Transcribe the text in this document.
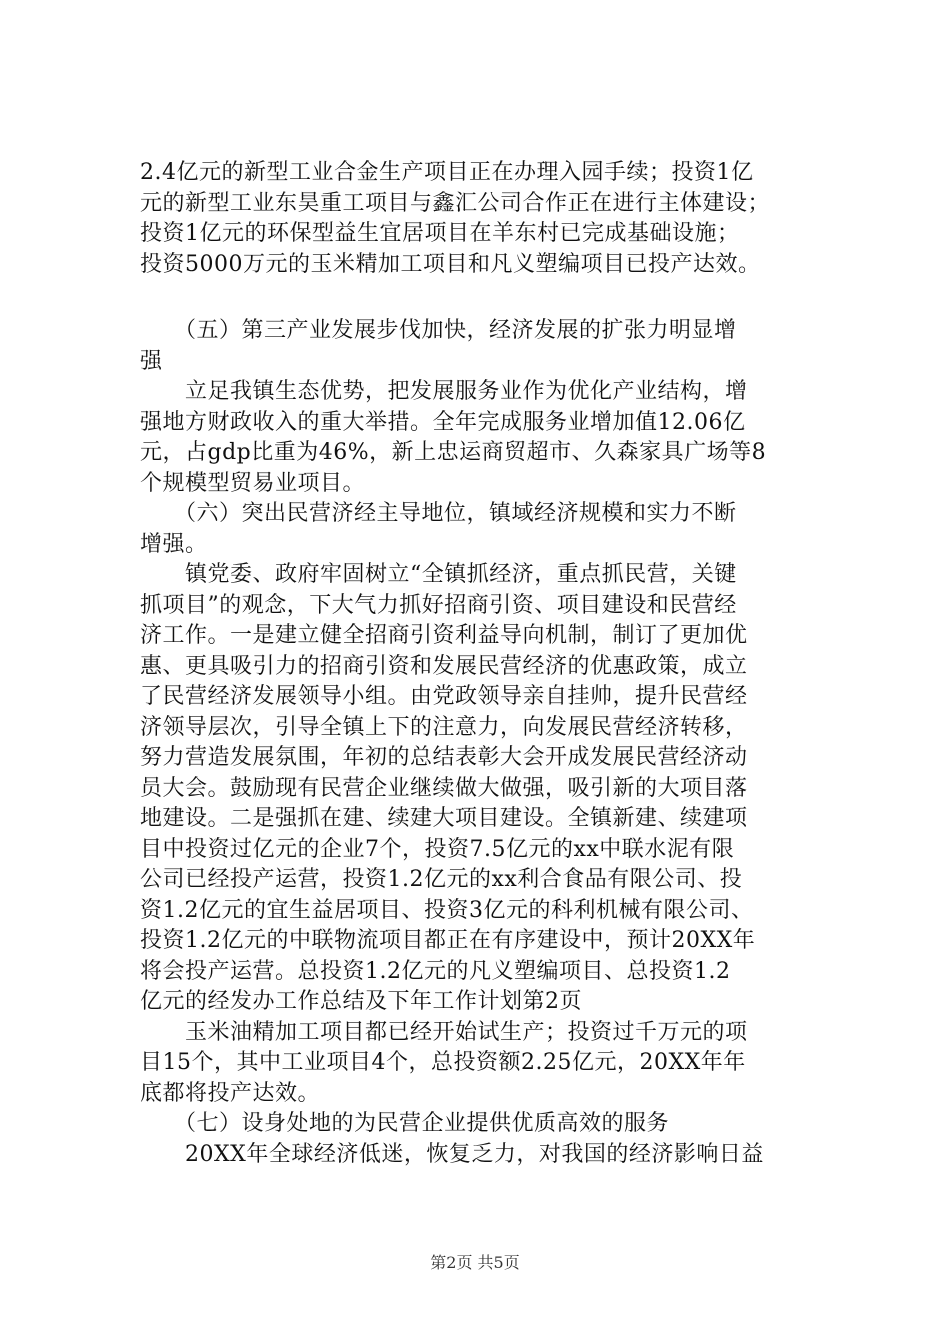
2.4亿元的新型工业合金生产项目正在办理入园手续；投资1亿
元的新型工业东昊重工项目与鑫汇公司合作正在进行主体建设；
投资1亿元的环保型益生宜居项目在羊东村已完成基础设施；
投资5000万元的玉米精加工项目和凡义塑编项目已投产达效。
　　（五）第三产业发展步伐加快，经济发展的扩张力明显增
强
　　立足我镇生态优势，把发展服务业作为优化产业结构，增
强地方财政收入的重大举措。全年完成服务业增加值12.06亿
元，占gdp比重为46%，新上忠运商贸超市、久森家具广场等8
个规模型贸易业项目。
　　（六）突出民营济经主导地位，镇域经济规模和实力不断
增强。
　　镇党委、政府牢固树立“全镇抓经济，重点抓民营，关键
抓项目”的观念，下大气力抓好招商引资、项目建设和民营经
济工作。一是建立健全招商引资利益导向机制，制订了更加优
惠、更具吸引力的招商引资和发展民营经济的优惠政策，成立
了民营经济发展领导小组。由党政领导亲自挂帅，提升民营经
济领导层次，引导全镇上下的注意力，向发展民营经济转移，
努力营造发展氛围，年初的总结表彰大会开成发展民营经济动
员大会。鼓励现有民营企业继续做大做强，吸引新的大项目落
地建设。二是强抓在建、续建大项目建设。全镇新建、续建项
目中投资过亿元的企业7个，投资7.5亿元的xx中联水泥有限
公司已经投产运营，投资1.2亿元的xx利合食品有限公司、投
资1.2亿元的宜生益居项目、投资3亿元的科利机械有限公司、
投资1.2亿元的中联物流项目都正在有序建设中，预计20XX年
将会投产运营。总投资1.2亿元的凡义塑编项目、总投资1.2
亿元的经发办工作总结及下年工作计划第2页
　　玉米油精加工项目都已经开始试生产；投资过千万元的项
目15个，其中工业项目4个，总投资额2.25亿元，20XX年年
底都将投产达效。
　　（七）设身处地的为民营企业提供优质高效的服务
　　20XX年全球经济低迷，恢复乏力，对我国的经济影响日益
第2页 共5页
